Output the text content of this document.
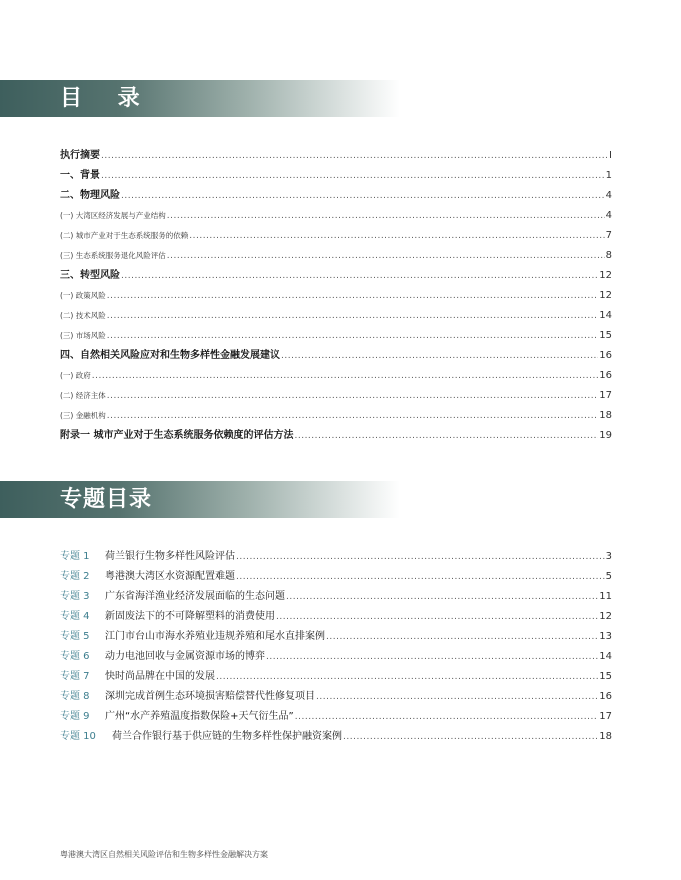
目 录
执行摘要 .....	I
一、背景 .....	1
二、物理风险 .....	4
(一) 大湾区经济发展与产业结构 .....	4
(二) 城市产业对于生态系统服务的依赖 .....	7
(三) 生态系统服务退化风险评估 .....	8
三、转型风险 .....	12
(一) 政策风险 .....	12
(二) 技术风险 .....	14
(三) 市场风险 .....	15
四、自然相关风险应对和生物多样性金融发展建议 .....	16
(一) 政府 .....	16
(二) 经济主体 .....	17
(三) 金融机构 .....	18
附录一 城市产业对于生态系统服务依赖度的评估方法 .....	19
专题目录
专题 1	荷兰银行生物多样性风险评估 .....	3
专题 2	粤港澳大湾区水资源配置难题 .....	5
专题 3	广东省海洋渔业经济发展面临的生态问题 .....	11
专题 4	新固废法下的不可降解塑料的消费使用 .....	12
专题 5	江门市台山市海水养殖业违规养殖和尾水直排案例 .....	13
专题 6	动力电池回收与金属资源市场的博弈 .....	14
专题 7	快时尚品牌在中国的发展 .....	15
专题 8	深圳完成首例生态环境损害赔偿替代性修复项目 .....	16
专题 9	广州“水产养殖温度指数保险+天气衍生品” .....	17
专题 10	荷兰合作银行基于供应链的生物多样性保护融资案例 .....	18
粤港澳大湾区自然相关风险评估和生物多样性金融解决方案
